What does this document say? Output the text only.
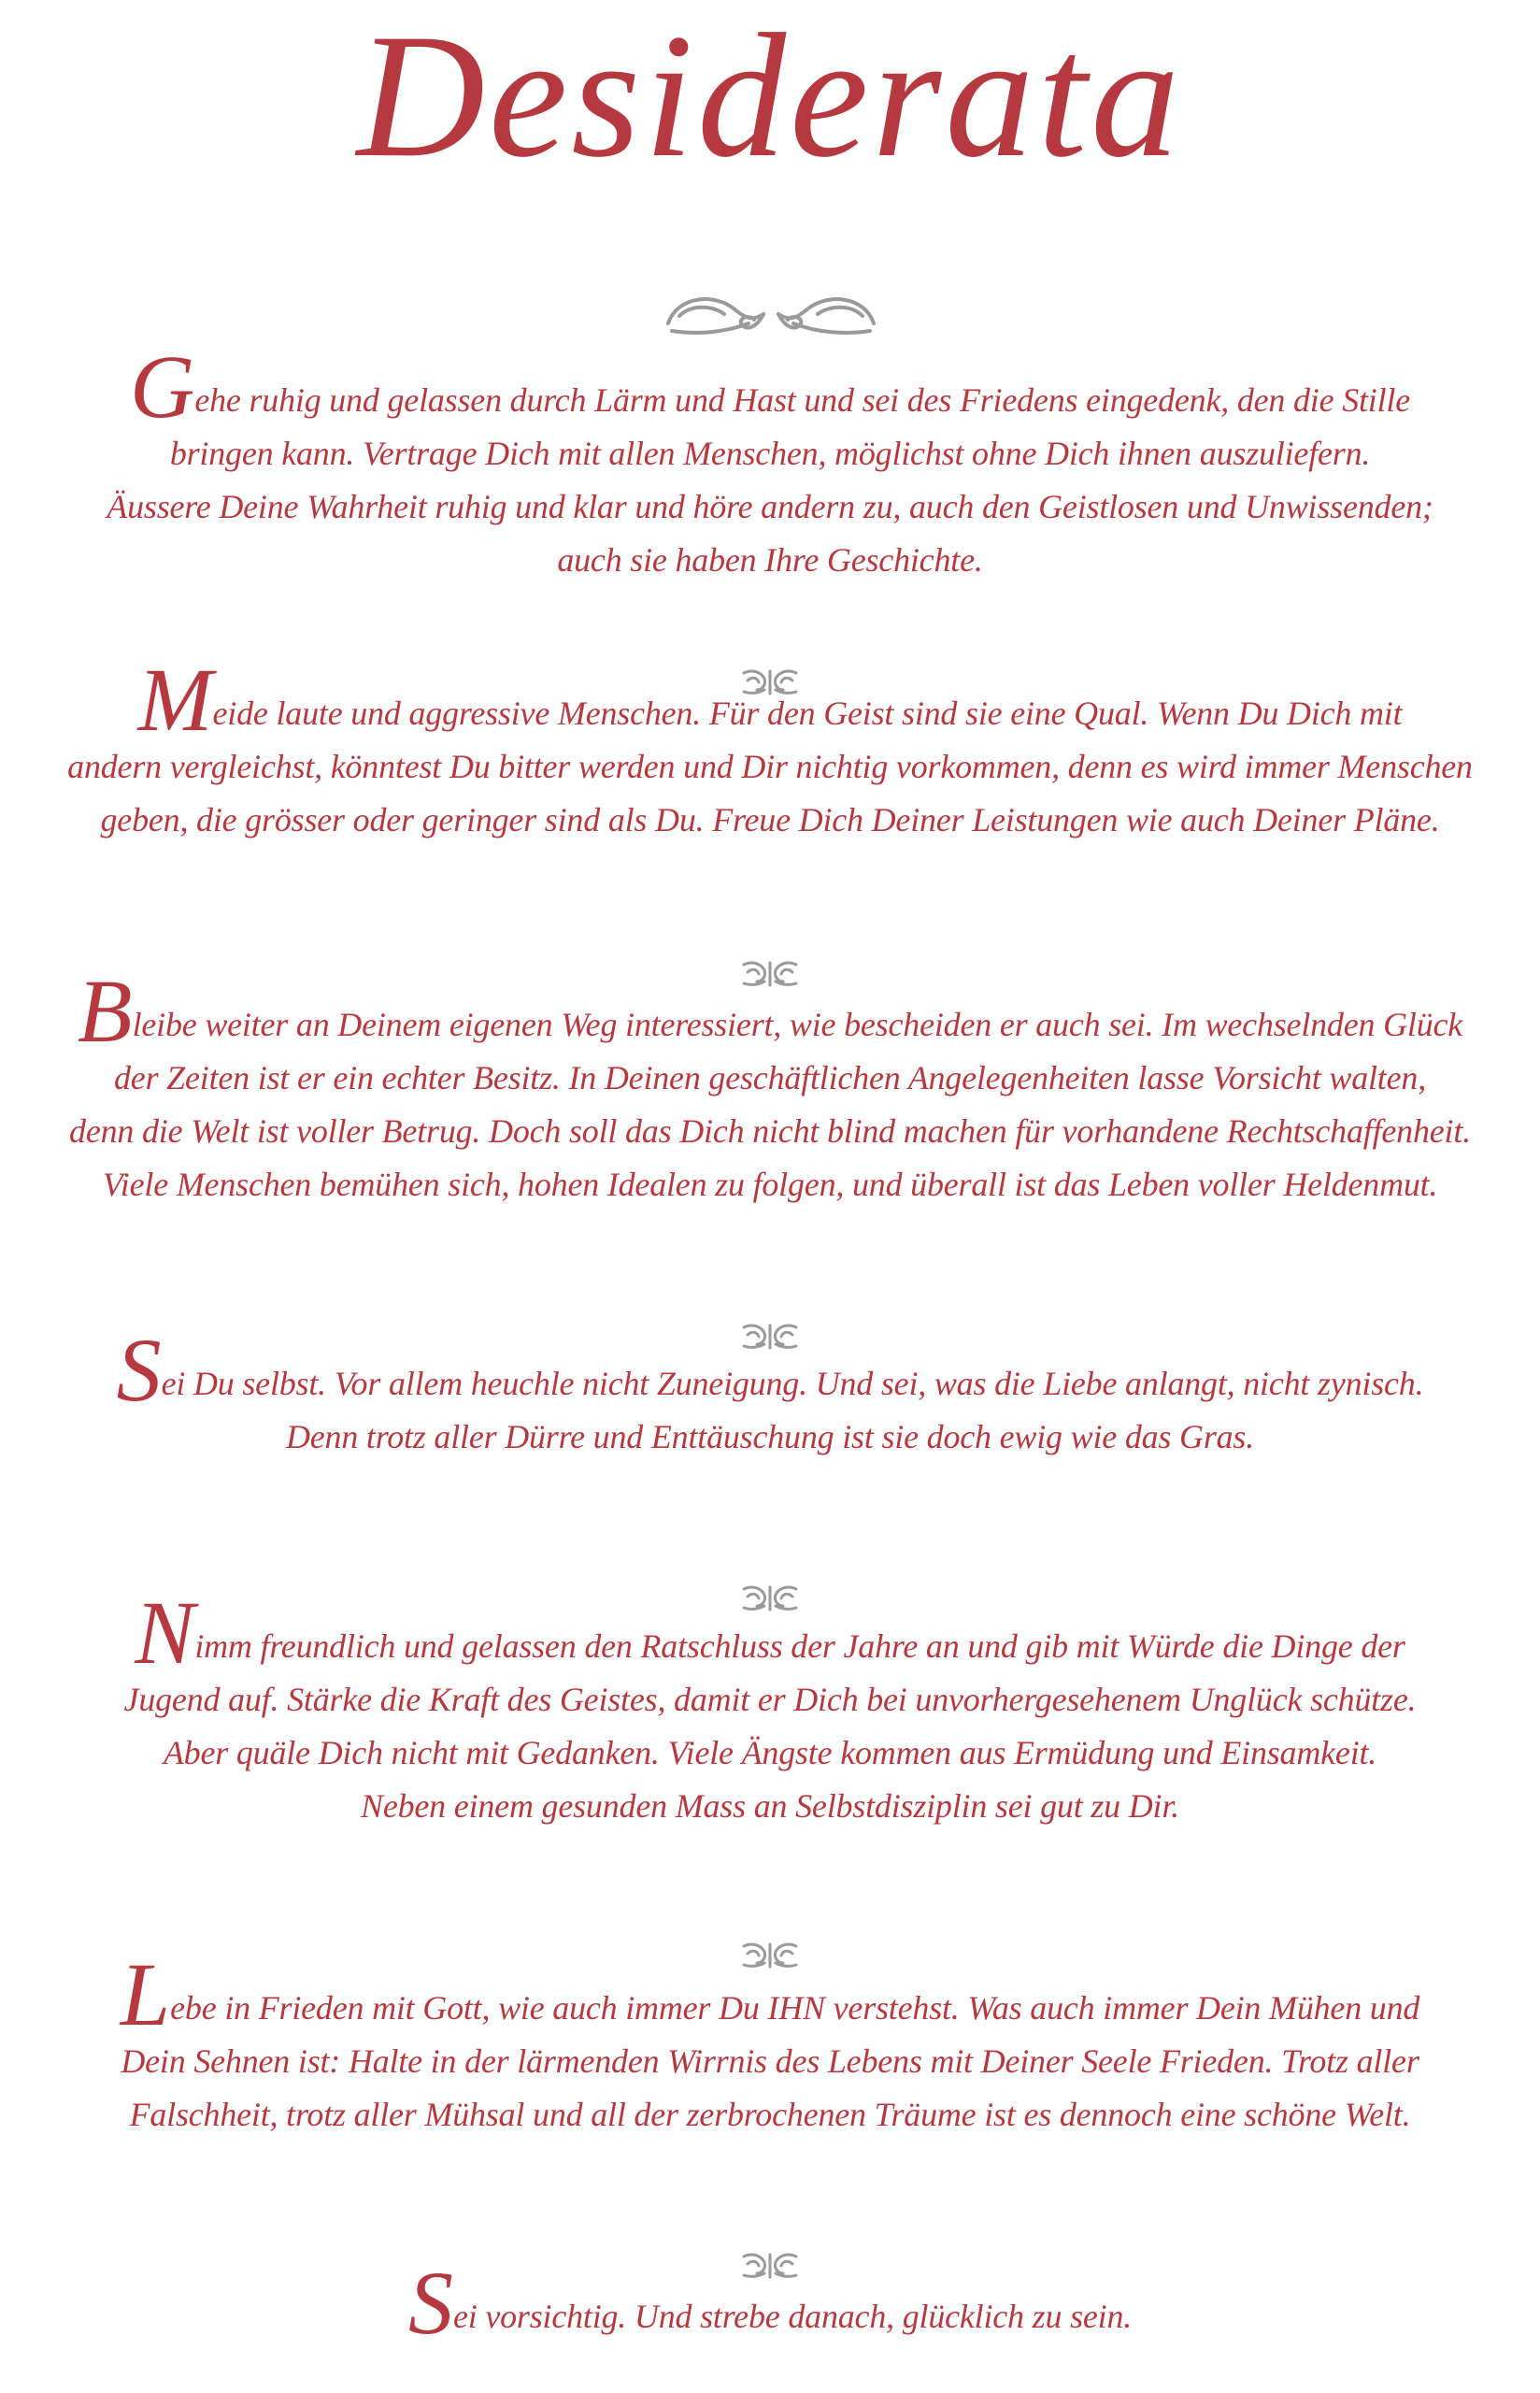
Desiderata

Gehe ruhig und gelassen durch Lärm und Hast und sei des Friedens eingedenk, den die Stille
bringen kann. Vertrage Dich mit allen Menschen, möglichst ohne Dich ihnen auszuliefern.
Äussere Deine Wahrheit ruhig und klar und höre andern zu, auch den Geistlosen und Unwissenden;
auch sie haben Ihre Geschichte.

Meide laute und aggressive Menschen. Für den Geist sind sie eine Qual. Wenn Du Dich mit
andern vergleichst, könntest Du bitter werden und Dir nichtig vorkommen, denn es wird immer Menschen
geben, die grösser oder geringer sind als Du. Freue Dich Deiner Leistungen wie auch Deiner Pläne.

Bleibe weiter an Deinem eigenen Weg interessiert, wie bescheiden er auch sei. Im wechselnden Glück
der Zeiten ist er ein echter Besitz. In Deinen geschäftlichen Angelegenheiten lasse Vorsicht walten,
denn die Welt ist voller Betrug. Doch soll das Dich nicht blind machen für vorhandene Rechtschaffenheit.
Viele Menschen bemühen sich, hohen Idealen zu folgen, und überall ist das Leben voller Heldenmut.

Sei Du selbst. Vor allem heuchle nicht Zuneigung. Und sei, was die Liebe anlangt, nicht zynisch.
Denn trotz aller Dürre und Enttäuschung ist sie doch ewig wie das Gras.

Nimm freundlich und gelassen den Ratschluss der Jahre an und gib mit Würde die Dinge der
Jugend auf. Stärke die Kraft des Geistes, damit er Dich bei unvorhergesehenem Unglück schütze.
Aber quäle Dich nicht mit Gedanken. Viele Ängste kommen aus Ermüdung und Einsamkeit.
Neben einem gesunden Mass an Selbstdisziplin sei gut zu Dir.

Lebe in Frieden mit Gott, wie auch immer Du IHN verstehst. Was auch immer Dein Mühen und
Dein Sehnen ist: Halte in der lärmenden Wirrnis des Lebens mit Deiner Seele Frieden. Trotz aller
Falschheit, trotz aller Mühsal und all der zerbrochenen Träume ist es dennoch eine schöne Welt.

Sei vorsichtig. Und strebe danach, glücklich zu sein.
